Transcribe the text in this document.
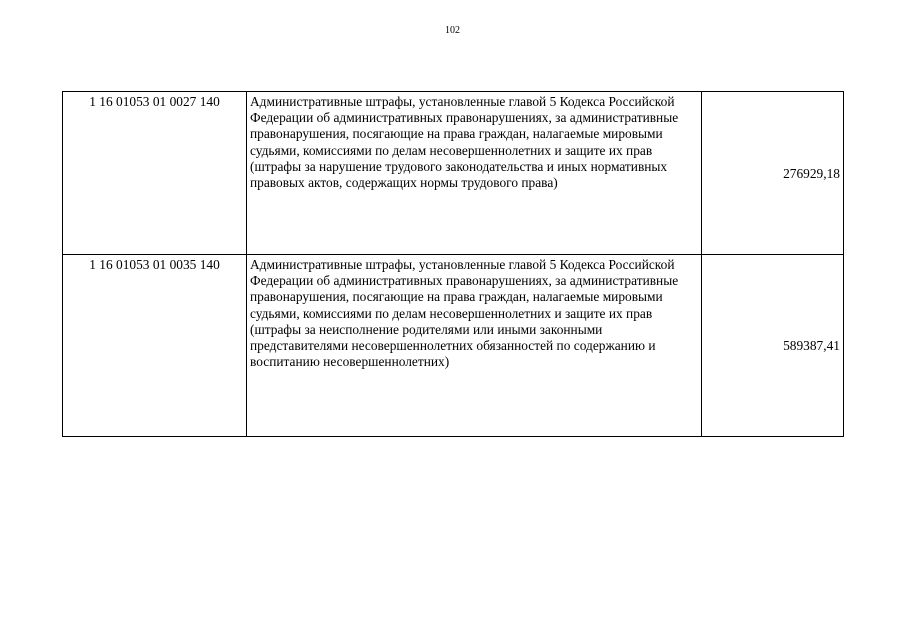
102
1 16 01053 01 0027 140	Административные штрафы, установленные главой 5 Кодекса Российской Федерации об административных правонарушениях, за административные правонарушения, посягающие на права граждан, налагаемые мировыми судьями, комиссиями по делам несовершеннолетних и защите их прав (штрафы за нарушение трудового законодательства и иных нормативных правовых актов, содержащих нормы трудового права)	276929,18
1 16 01053 01 0035 140	Административные штрафы, установленные главой 5 Кодекса Российской Федерации об административных правонарушениях, за административные правонарушения, посягающие на права граждан, налагаемые мировыми судьями, комиссиями по делам несовершеннолетних и защите их прав (штрафы за неисполнение родителями или иными законными представителями несовершеннолетних обязанностей по содержанию и воспитанию несовершеннолетних)	589387,41
